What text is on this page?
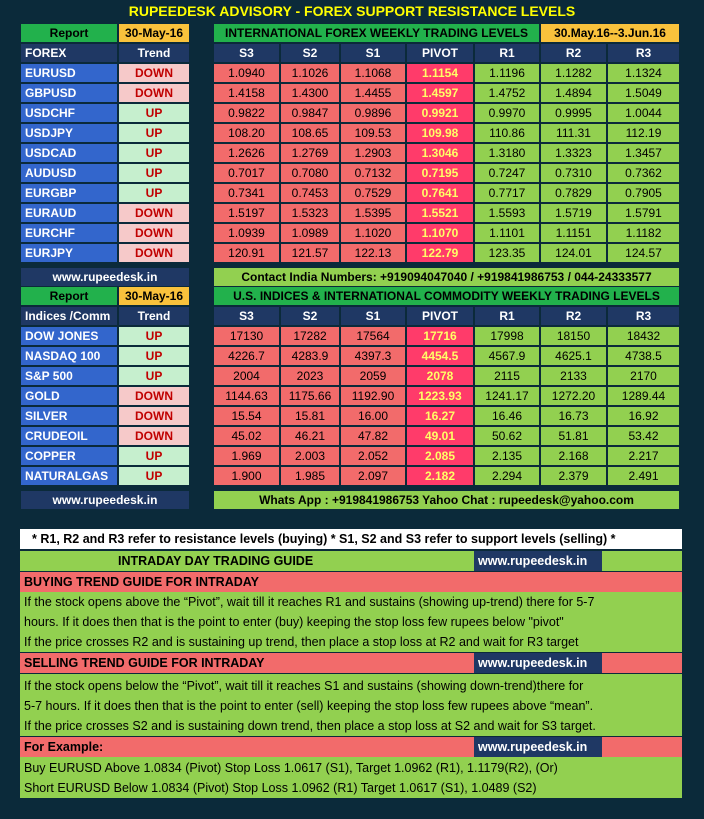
RUPEEDESK ADVISORY - FOREX SUPPORT RESISTANCE LEVELS
Report	30-May-16	INTERNATIONAL FOREX WEEKLY TRADING LEVELS	30.May.16--3.Jun.16
FOREX	Trend	S3	S2	S1	PIVOT	R1	R2	R3
EURUSD	DOWN	1.0940	1.1026	1.1068	1.1154	1.1196	1.1282	1.1324
GBPUSD	DOWN	1.4158	1.4300	1.4455	1.4597	1.4752	1.4894	1.5049
USDCHF	UP	0.9822	0.9847	0.9896	0.9921	0.9970	0.9995	1.0044
USDJPY	UP	108.20	108.65	109.53	109.98	110.86	111.31	112.19
USDCAD	UP	1.2626	1.2769	1.2903	1.3046	1.3180	1.3323	1.3457
AUDUSD	UP	0.7017	0.7080	0.7132	0.7195	0.7247	0.7310	0.7362
EURGBP	UP	0.7341	0.7453	0.7529	0.7641	0.7717	0.7829	0.7905
EURAUD	DOWN	1.5197	1.5323	1.5395	1.5521	1.5593	1.5719	1.5791
EURCHF	DOWN	1.0939	1.0989	1.1020	1.1070	1.1101	1.1151	1.1182
EURJPY	DOWN	120.91	121.57	122.13	122.79	123.35	124.01	124.57
www.rupeedesk.in	Contact India Numbers: +919094047040 / +919841986753 / 044-24333577
Report	30-May-16	U.S. INDICES & INTERNATIONAL COMMODITY WEEKLY TRADING LEVELS
Indices /Comm	Trend	S3	S2	S1	PIVOT	R1	R2	R3
DOW JONES	UP	17130	17282	17564	17716	17998	18150	18432
NASDAQ 100	UP	4226.7	4283.9	4397.3	4454.5	4567.9	4625.1	4738.5
S&P 500	UP	2004	2023	2059	2078	2115	2133	2170
GOLD	DOWN	1144.63	1175.66	1192.90	1223.93	1241.17	1272.20	1289.44
SILVER	DOWN	15.54	15.81	16.00	16.27	16.46	16.73	16.92
CRUDEOIL	DOWN	45.02	46.21	47.82	49.01	50.62	51.81	53.42
COPPER	UP	1.969	2.003	2.052	2.085	2.135	2.168	2.217
NATURALGAS	UP	1.900	1.985	2.097	2.182	2.294	2.379	2.491
www.rupeedesk.in	Whats App : +919841986753 Yahoo Chat : rupeedesk@yahoo.com
* R1, R2 and R3 refer to resistance levels (buying) * S1, S2 and S3 refer to support levels (selling) *
INTRADAY DAY TRADING GUIDE	www.rupeedesk.in
BUYING TREND GUIDE FOR INTRADAY
If the stock opens above the “Pivot”, wait till it reaches R1 and sustains (showing up-trend) there for 5-7
hours. If it does then that is the point to enter (buy) keeping the stop loss few rupees below "pivot"
If the price crosses R2 and is sustaining up trend, then place a stop loss at R2 and wait for R3 target
SELLING TREND GUIDE FOR INTRADAY	www.rupeedesk.in
If the stock opens below the “Pivot”, wait till it reaches S1 and sustains (showing down-trend)there for
5-7 hours. If it does then that is the point to enter (sell) keeping the stop loss few rupees above “mean”.
If the price crosses S2 and is sustaining down trend, then place a stop loss at S2 and wait for S3 target.
For Example:	www.rupeedesk.in
Buy EURUSD Above 1.0834 (Pivot) Stop Loss 1.0617 (S1), Target 1.0962 (R1), 1.1179(R2), (Or)
Short EURUSD Below 1.0834 (Pivot) Stop Loss 1.0962 (R1) Target 1.0617 (S1), 1.0489 (S2)
